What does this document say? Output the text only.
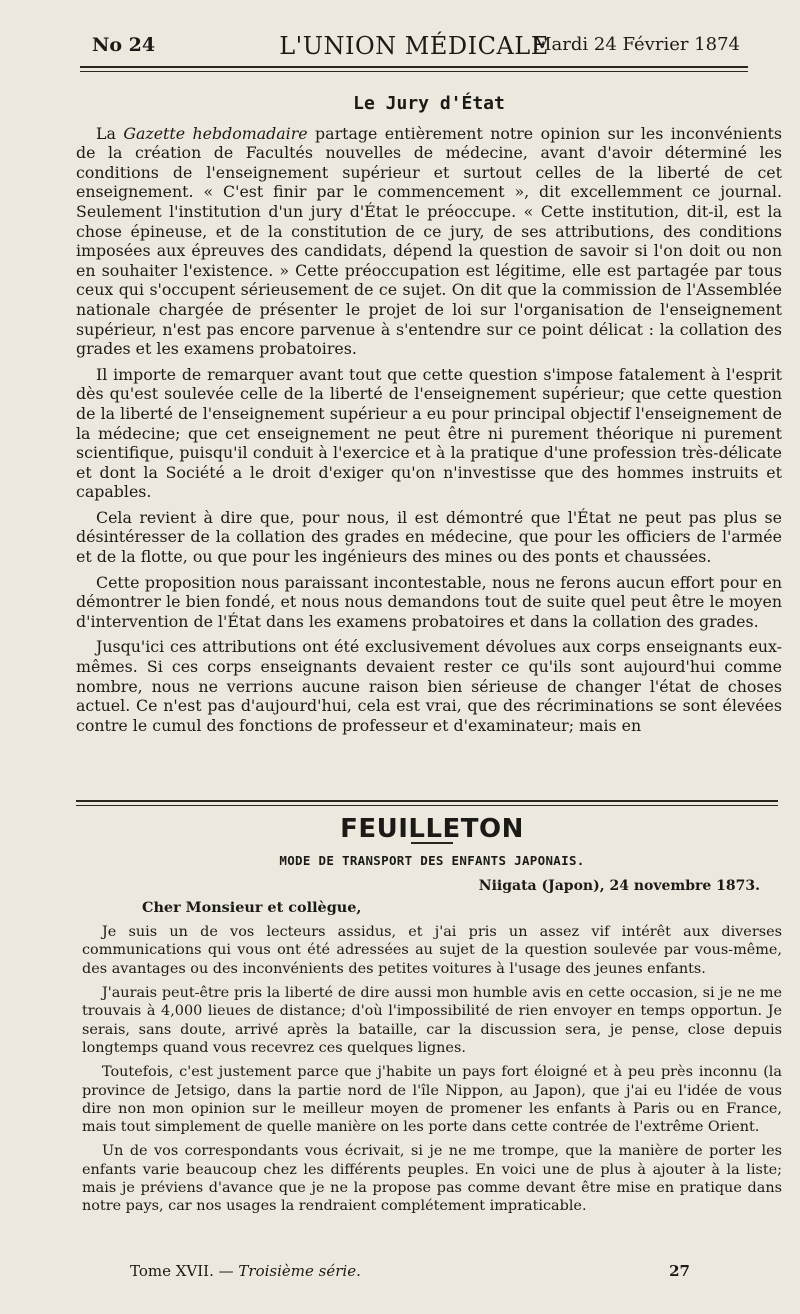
No 24	L'UNION MÉDICALE
Mardi 24 Février 1874
Le Jury d'État

La Gazette hebdomadaire partage entièrement notre opinion sur les inconvénients de la création de Facultés nouvelles de médecine, avant d'avoir déterminé les conditions de l'enseignement supérieur et surtout celles de la liberté de cet enseignement. « C'est finir par le commencement », dit excellemment ce journal. Seulement l'institution d'un jury d'État le préoccupe. « Cette institution, dit-il, est la chose épineuse, et de la constitution de ce jury, de ses attributions, des conditions imposées aux épreuves des candidats, dépend la question de savoir si l'on doit ou non en souhaiter l'existence. » Cette préoccupation est légitime, elle est partagée par tous ceux qui s'occupent sérieusement de ce sujet. On dit que la commission de l'Assemblée nationale chargée de présenter le projet de loi sur l'organisation de l'enseignement supérieur, n'est pas encore parvenue à s'entendre sur ce point délicat : la collation des grades et les examens probatoires.

Il importe de remarquer avant tout que cette question s'impose fatalement à l'esprit dès qu'est soulevée celle de la liberté de l'enseignement supérieur; que cette question de la liberté de l'enseignement supérieur a eu pour principal objectif l'enseignement de la médecine; que cet enseignement ne peut être ni purement théorique ni purement scientifique, puisqu'il conduit à l'exercice et à la pratique d'une profession très-délicate et dont la Société a le droit d'exiger qu'on n'investisse que des hommes instruits et capables.

Cela revient à dire que, pour nous, il est démontré que l'État ne peut pas plus se désintéresser de la collation des grades en médecine, que pour les officiers de l'armée et de la flotte, ou que pour les ingénieurs des mines ou des ponts et chaussées.

Cette proposition nous paraissant incontestable, nous ne ferons aucun effort pour en démontrer le bien fondé, et nous nous demandons tout de suite quel peut être le moyen d'intervention de l'État dans les examens probatoires et dans la collation des grades.

Jusqu'ici ces attributions ont été exclusivement dévolues aux corps enseignants eux-mêmes. Si ces corps enseignants devaient rester ce qu'ils sont aujourd'hui comme nombre, nous ne verrions aucune raison bien sérieuse de changer l'état de choses actuel. Ce n'est pas d'aujourd'hui, cela est vrai, que des récriminations se sont élevées contre le cumul des fonctions de professeur et d'examinateur; mais en

FEUILLETON
MODE DE TRANSPORT DES ENFANTS JAPONAIS.
Niigata (Japon), 24 novembre 1873.
Cher Monsieur et collègue,

Je suis un de vos lecteurs assidus, et j'ai pris un assez vif intérêt aux diverses communications qui vous ont été adressées au sujet de la question soulevée par vous-même, des avantages ou des inconvénients des petites voitures à l'usage des jeunes enfants.

J'aurais peut-être pris la liberté de dire aussi mon humble avis en cette occasion, si je ne me trouvais à 4,000 lieues de distance; d'où l'impossibilité de rien envoyer en temps opportun. Je serais, sans doute, arrivé après la bataille, car la discussion sera, je pense, close depuis longtemps quand vous recevrez ces quelques lignes.

Toutefois, c'est justement parce que j'habite un pays fort éloigné et à peu près inconnu (la province de Jetsigo, dans la partie nord de l'île Nippon, au Japon), que j'ai eu l'idée de vous dire non mon opinion sur le meilleur moyen de promener les enfants à Paris ou en France, mais tout simplement de quelle manière on les porte dans cette contrée de l'extrême Orient.

Un de vos correspondants vous écrivait, si je ne me trompe, que la manière de porter les enfants varie beaucoup chez les différents peuples. En voici une de plus à ajouter à la liste; mais je préviens d'avance que je ne la propose pas comme devant être mise en pratique dans notre pays, car nos usages la rendraient complétement impraticable.

Tome XVII. — Troisième série.	27
